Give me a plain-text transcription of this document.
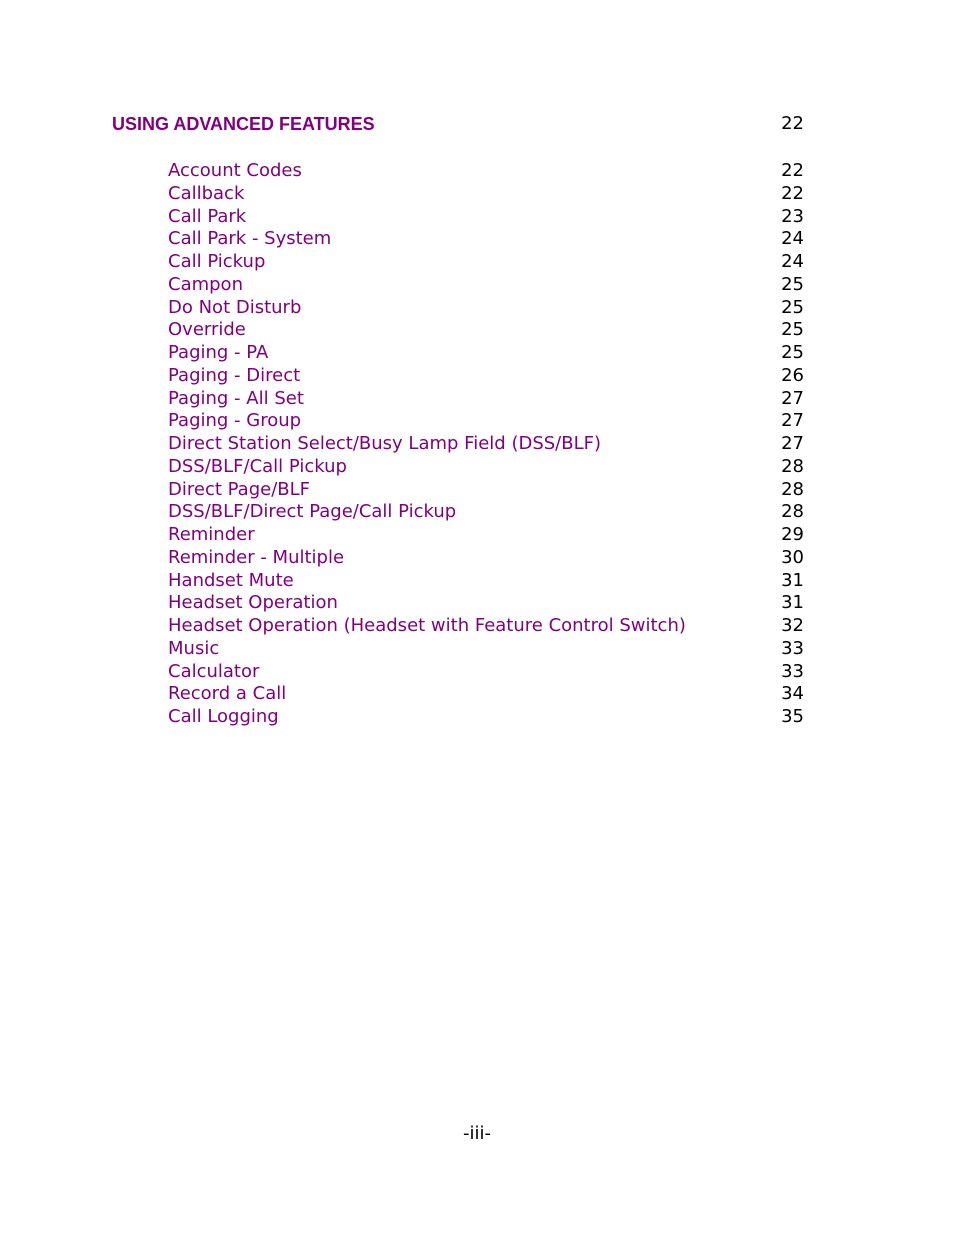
USING ADVANCED FEATURES	22
Account Codes	22
Callback	22
Call Park	23
Call Park - System	24
Call Pickup	24
Campon	25
Do Not Disturb	25
Override	25
Paging - PA	25
Paging - Direct	26
Paging - All Set	27
Paging - Group	27
Direct Station Select/Busy Lamp Field (DSS/BLF)	27
DSS/BLF/Call Pickup	28
Direct Page/BLF	28
DSS/BLF/Direct Page/Call Pickup	28
Reminder	29
Reminder - Multiple	30
Handset Mute	31
Headset Operation	31
Headset Operation (Headset with Feature Control Switch)	32
Music	33
Calculator	33
Record a Call	34
Call Logging	35
-iii-
